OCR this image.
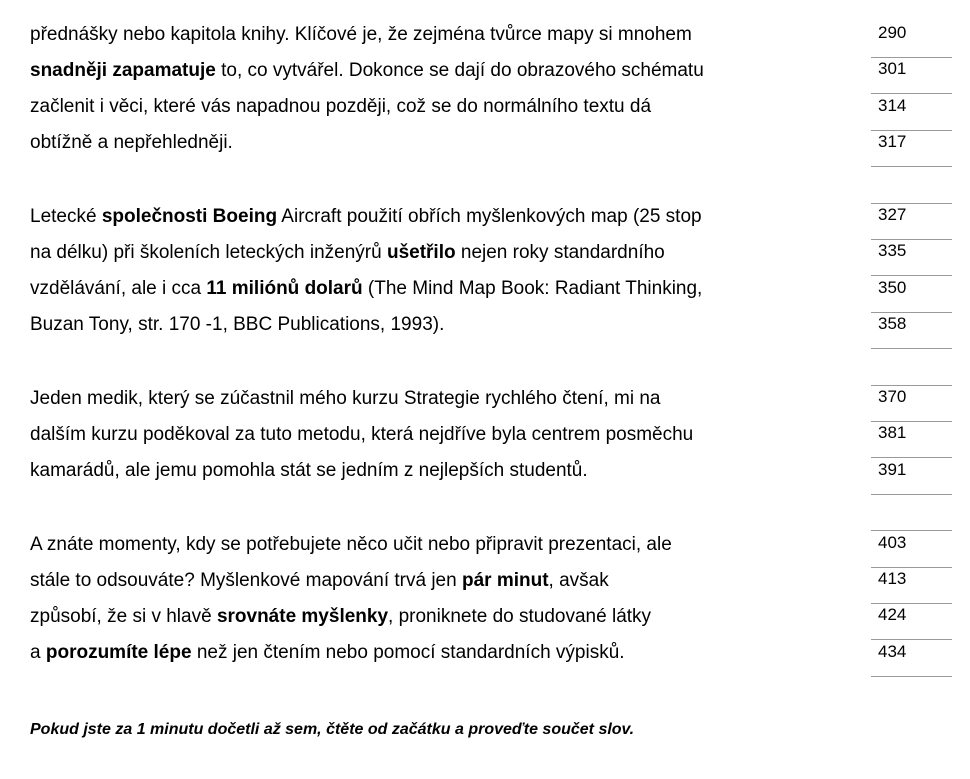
přednášky nebo kapitola knihy. Klíčové je, že zejména tvůrce mapy si mnohem
snadněji zapamatuje to, co vytvářel. Dokonce se dají do obrazového schématu
začlenit i věci, které vás napadnou později, což se do normálního textu dá
obtížně a nepřehledněji.
Letecké společnosti Boeing Aircraft použití obřích myšlenkových map (25 stop
na délku) při školeních leteckých inženýrů ušetřilo nejen roky standardního
vzdělávání, ale i cca 11 miliónů dolarů (The Mind Map Book: Radiant Thinking,
Buzan Tony, str. 170 -1, BBC Publications, 1993).
Jeden medik, který se zúčastnil mého kurzu Strategie rychlého čtení, mi na
dalším kurzu poděkoval za tuto metodu, která nejdříve byla centrem posměchu
kamarádů, ale jemu pomohla stát se jedním z nejlepších studentů.
A znáte momenty, kdy se potřebujete něco učit nebo připravit prezentaci, ale
stále to odsouváte? Myšlenkové mapování trvá jen pár minut, avšak
způsobí, že si v hlavě srovnáte myšlenky, proniknete do studované látky
a porozumíte lépe než jen čtením nebo pomocí standardních výpisků.
290
301
314
317
327
335
350
358
370
381
391
403
413
424
434
Pokud jste za 1 minutu dočetli až sem, čtěte od začátku a proveďte součet slov.
